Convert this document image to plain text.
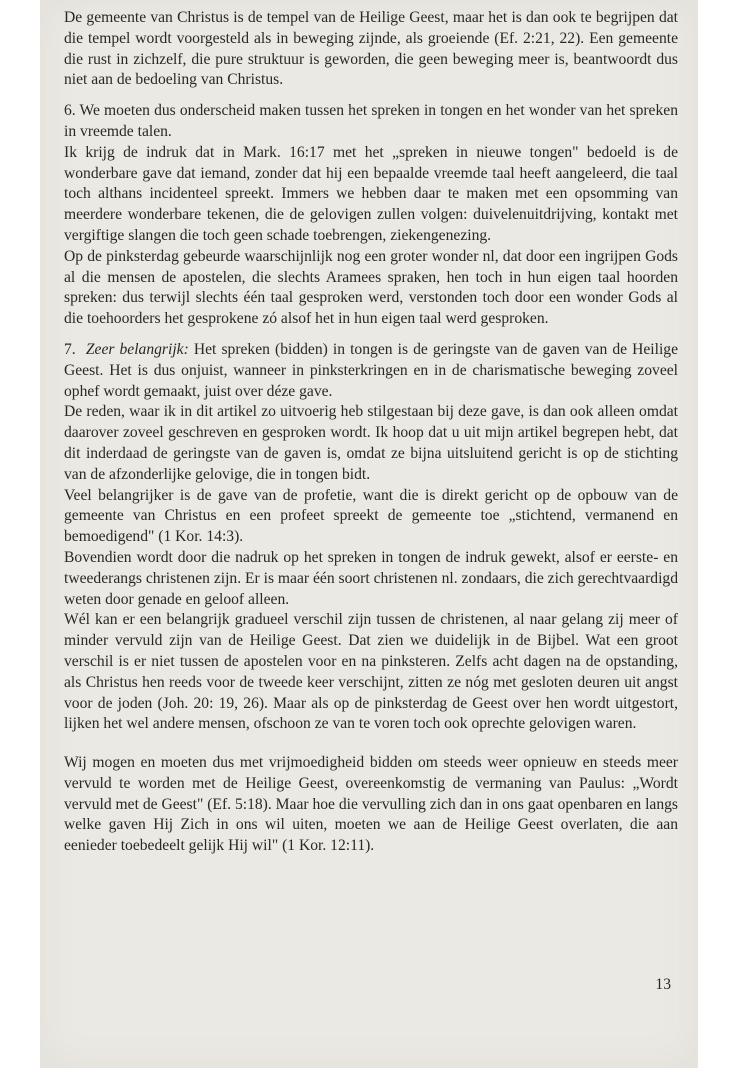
De gemeente van Christus is de tempel van de Heilige Geest, maar het is dan ook te begrijpen dat die tempel wordt voorgesteld als in beweging zijnde, als groeiende (Ef. 2:21, 22). Een gemeente die rust in zichzelf, die pure struktuur is geworden, die geen beweging meer is, beantwoordt dus niet aan de bedoeling van Christus.

6. We moeten dus onderscheid maken tussen het spreken in tongen en het wonder van het spreken in vreemde talen.

Ik krijg de indruk dat in Mark. 16:17 met het „spreken in nieuwe tongen" bedoeld is de wonderbare gave dat iemand, zonder dat hij een bepaalde vreemde taal heeft aangeleerd, die taal toch althans incidenteel spreekt. Immers we hebben daar te maken met een opsomming van meerdere wonderbare tekenen, die de gelovigen zullen volgen: duivelenuitdrijving, kontakt met vergiftige slangen die toch geen schade toebrengen, ziekengenezing.

Op de pinksterdag gebeurde waarschijnlijk nog een groter wonder nl, dat door een ingrijpen Gods al die mensen de apostelen, die slechts Aramees spraken, hen toch in hun eigen taal hoorden spreken: dus terwijl slechts één taal gesproken werd, verstonden toch door een wonder Gods al die toehoorders het gesprokene zó alsof het in hun eigen taal werd gesproken.

7. Zeer belangrijk: Het spreken (bidden) in tongen is de geringste van de gaven van de Heilige Geest. Het is dus onjuist, wanneer in pinksterkringen en in de charismatische beweging zoveel ophef wordt gemaakt, juist over déze gave.

De reden, waar ik in dit artikel zo uitvoerig heb stilgestaan bij deze gave, is dan ook alleen omdat daarover zoveel geschreven en gesproken wordt. Ik hoop dat u uit mijn artikel begrepen hebt, dat dit inderdaad de geringste van de gaven is, omdat ze bijna uitsluitend gericht is op de stichting van de afzonderlijke gelovige, die in tongen bidt.

Veel belangrijker is de gave van de profetie, want die is direkt gericht op de opbouw van de gemeente van Christus en een profeet spreekt de gemeente toe „stichtend, vermanend en bemoedigend" (1 Kor. 14:3).

Bovendien wordt door die nadruk op het spreken in tongen de indruk gewekt, alsof er eerste- en tweederangs christenen zijn. Er is maar één soort christenen nl. zondaars, die zich gerechtvaardigd weten door genade en geloof alleen.

Wél kan er een belangrijk gradueel verschil zijn tussen de christenen, al naar gelang zij meer of minder vervuld zijn van de Heilige Geest. Dat zien we duidelijk in de Bijbel. Wat een groot verschil is er niet tussen de apostelen voor en na pinksteren. Zelfs acht dagen na de opstanding, als Christus hen reeds voor de tweede keer verschijnt, zitten ze nóg met gesloten deuren uit angst voor de joden (Joh. 20: 19, 26). Maar als op de pinksterdag de Geest over hen wordt uitgestort, lijken het wel andere mensen, ofschoon ze van te voren toch ook oprechte gelovigen waren.

Wij mogen en moeten dus met vrijmoedigheid bidden om steeds weer opnieuw en steeds meer vervuld te worden met de Heilige Geest, overeenkomstig de vermaning van Paulus: „Wordt vervuld met de Geest" (Ef. 5:18). Maar hoe die vervulling zich dan in ons gaat openbaren en langs welke gaven Hij Zich in ons wil uiten, moeten we aan de Heilige Geest overlaten, die aan eenieder toebedeelt gelijk Hij wil" (1 Kor. 12:11).

13
